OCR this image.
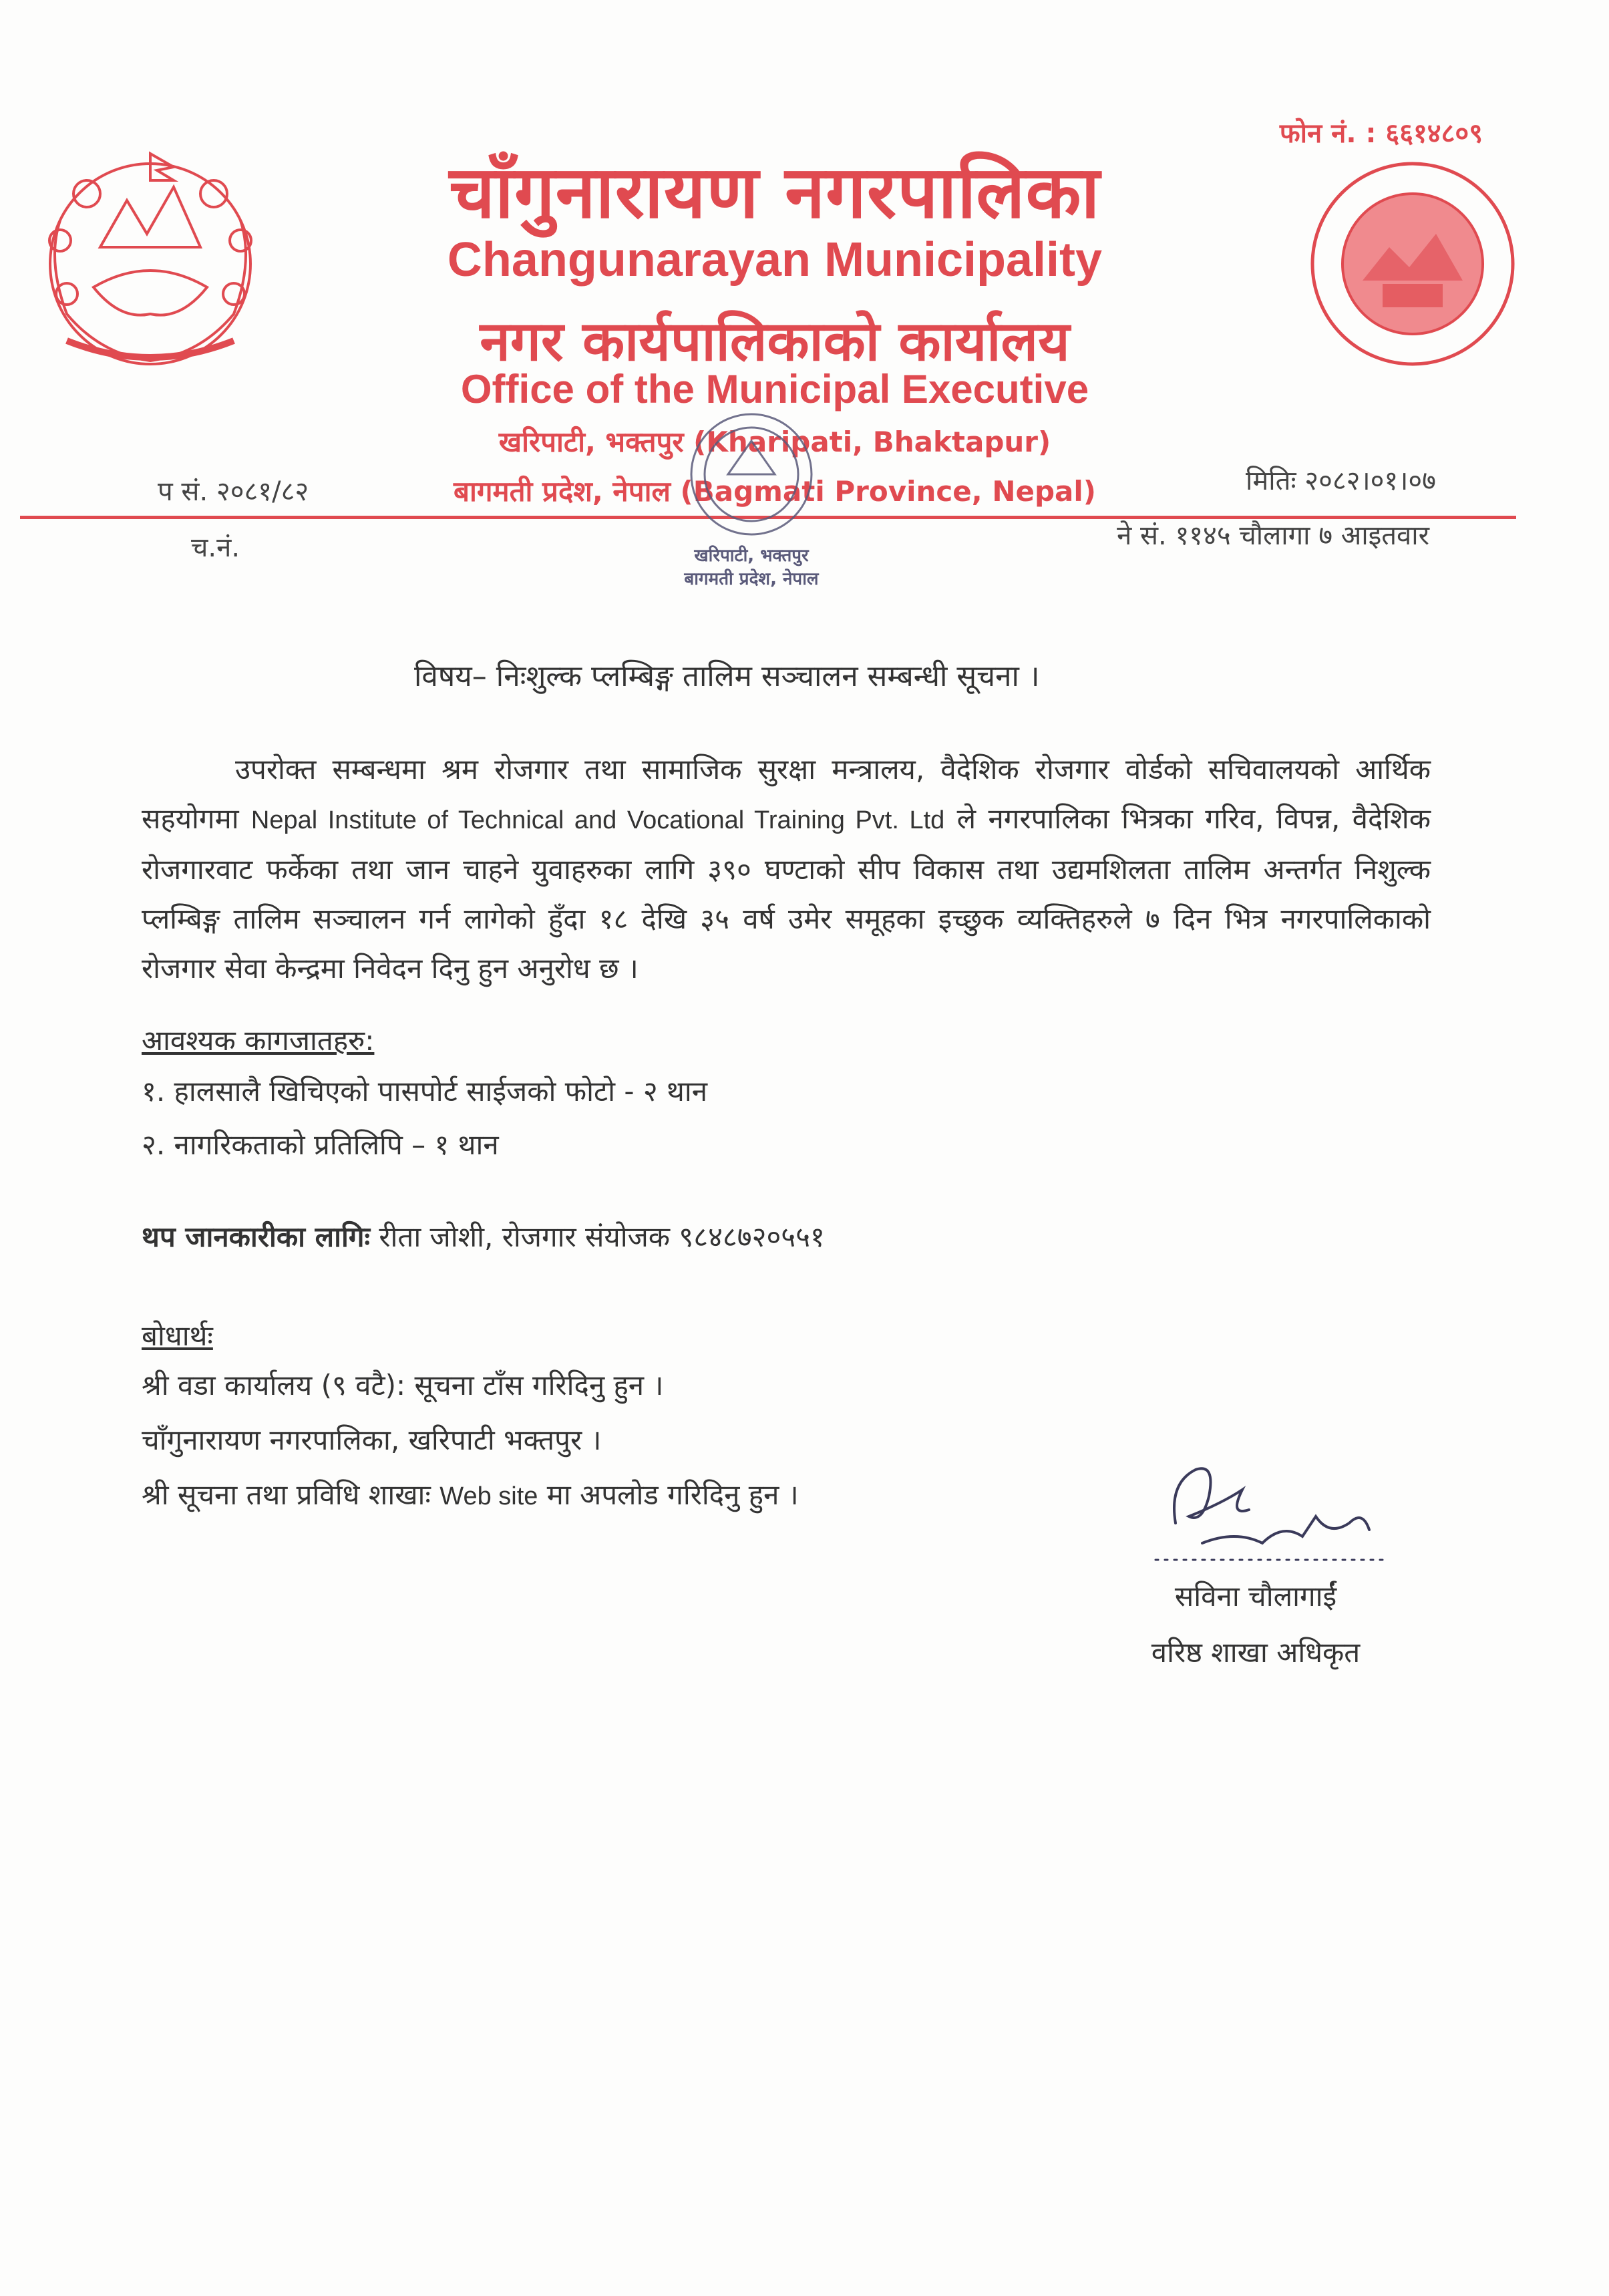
चाँगुनारायण नगरपालिका
Changunarayan Municipality
नगर कार्यपालिकाको कार्यालय
Office of the Municipal Executive
खरिपाटी, भक्तपुर (Kharipati, Bhaktapur)
बागमती प्रदेश, नेपाल (Bagmati Province, Nepal)
फोन नं. : ६६१४८०९
प सं. २०८१/८२	मितिः २०८२।०१।०७
च.नं.	ने सं. ११४५ चौलागा ७ आइतवार
खरिपाटी, भक्तपुर
बागमती प्रदेश, नेपाल
विषय– निःशुल्क प्लम्बिङ्ग तालिम सञ्चालन सम्बन्धी सूचना ।
उपरोक्त सम्बन्धमा श्रम रोजगार तथा सामाजिक सुरक्षा मन्त्रालय, वैदेशिक रोजगार वोर्डको सचिवालयको आर्थिक सहयोगमा Nepal Institute of Technical and Vocational Training Pvt. Ltd ले नगरपालिका भित्रका गरिव, विपन्न, वैदेशिक रोजगारवाट फर्केका तथा जान चाहने युवाहरुका लागि ३९० घण्टाको सीप विकास तथा उद्यमशिलता तालिम अन्तर्गत निशुल्क प्लम्बिङ्ग तालिम सञ्चालन गर्न लागेको हुँदा १८ देखि ३५ वर्ष उमेर समूहका इच्छुक व्यक्तिहरुले ७ दिन भित्र नगरपालिकाको रोजगार सेवा केन्द्रमा निवेदन दिनु हुन अनुरोध छ ।
आवश्यक कागजातहरु:
१. हालसालै खिचिएको पासपोर्ट साईजको फोटो - २ थान
२. नागरिकताको प्रतिलिपि – १ थान
थप जानकारीका लागिः रीता जोशी, रोजगार संयोजक ९८४८७२०५५१
बोधार्थः
श्री वडा कार्यालय (९ वटै): सूचना टाँस गरिदिनु हुन ।
चाँगुनारायण नगरपालिका, खरिपाटी भक्तपुर ।
श्री सूचना तथा प्रविधि शाखाः Web site मा अपलोड गरिदिनु हुन ।
सविना चौलागाईं
वरिष्ठ शाखा अधिकृत
